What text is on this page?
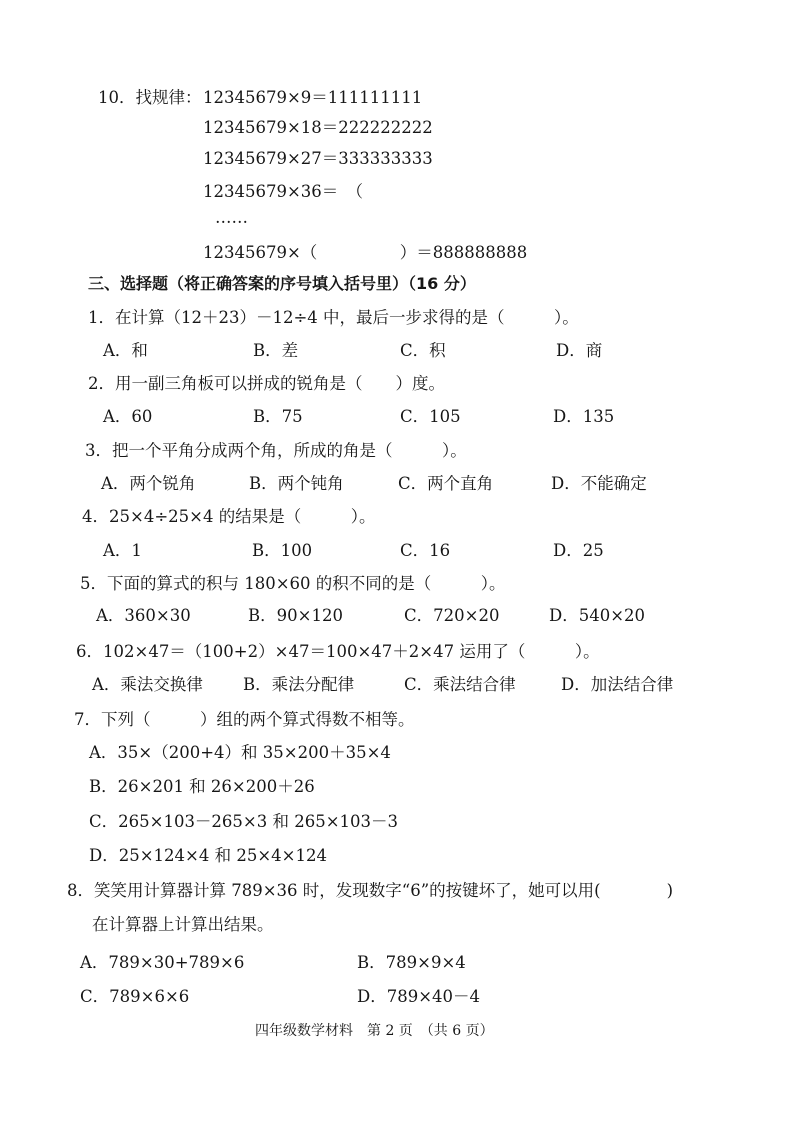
10．找规律： 12345679×9＝111111111
12345679×18＝222222222
12345679×27＝333333333
12345679×36＝　（
……
12345679×（　　　　　）＝888888888
三、选择题（将正确答案的序号填入括号里）（16 分）
1．在计算（12＋23）－12÷4 中，最后一步求得的是（　　　）。
A．和	B．差	C．积	D．商
2．用一副三角板可以拼成的锐角是（　　）度。
A．60	B．75	C．105	D．135
3．把一个平角分成两个角，所成的角是（　　　）。
A．两个锐角	B．两个钝角	C．两个直角	D．不能确定
4．25×4÷25×4 的结果是（　　　）。
A．1	B．100	C．16	D．25
5．下面的算式的积与 180×60 的积不同的是（　　　）。
A．360×30	B．90×120	C．720×20	D．540×20
6．102×47＝（100+2）×47＝100×47＋2×47 运用了（　　　）。
A．乘法交换律 B．乘法分配律	C．乘法结合律	D．加法结合律
7．下列（　　　）组的两个算式得数不相等。
A．35×（200+4）和 35×200＋35×4
B．26×201 和 26×200＋26
C．265×103－265×3 和 265×103－3
D．25×124×4 和 25×4×124
8．笑笑用计算器计算 789×36 时，发现数字“6”的按键坏了，她可以用(　　　　)
在计算器上计算出结果。
A．789×30+789×6	B．789×9×4
C．789×6×6	D．789×40－4
四年级数学材料　第 2 页　（共 6 页）
